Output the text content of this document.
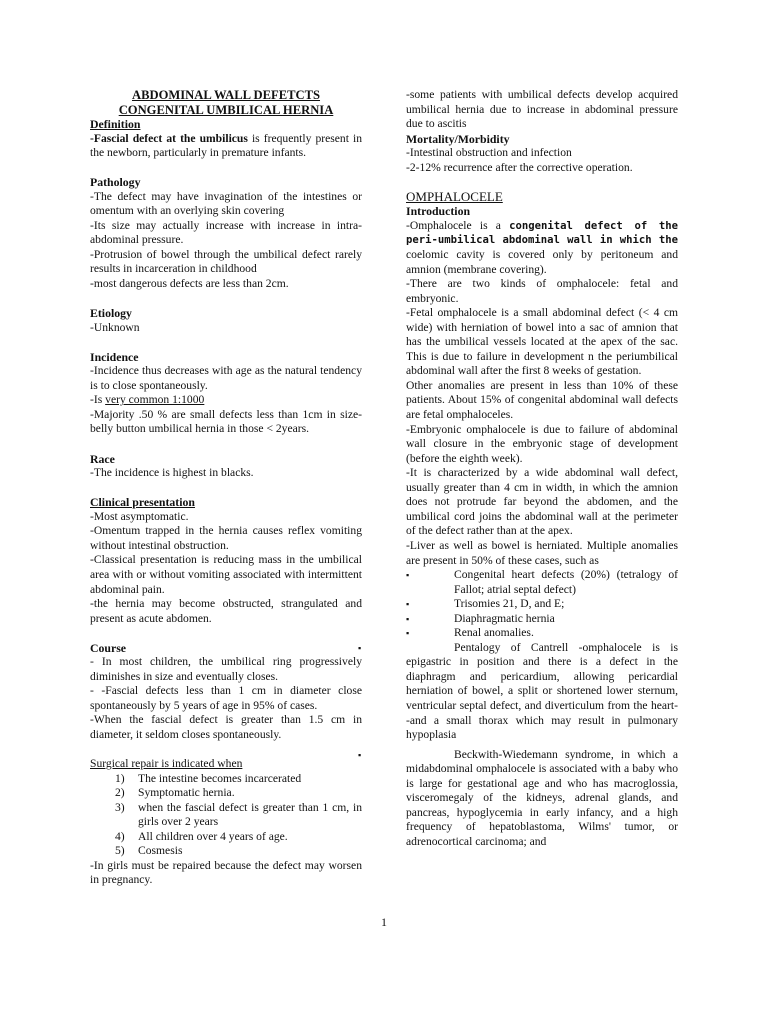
ABDOMINAL WALL DEFETCTS

CONGENITAL UMBILICAL HERNIA

Definition

-Fascial defect at the umbilicus is frequently present in the newborn, particularly in premature infants.

Pathology

-The defect may have invagination of the intestines or omentum with an overlying skin covering

-Its size may actually increase with increase in intra-abdominal pressure.

-Protrusion of bowel through the umbilical defect rarely results in incarceration in childhood

-most dangerous defects are less than 2cm.

Etiology

-Unknown

Incidence

-Incidence thus decreases with age as the natural tendency is to close spontaneously.

-Is very common 1:1000

-Majority .50 % are small defects less than 1cm in size-belly button umbilical hernia in those < 2years.

Race

-The incidence is highest in blacks.

Clinical presentation

-Most asymptomatic.

-Omentum trapped in the hernia causes reflex vomiting without intestinal obstruction.

-Classical presentation is reducing mass in the umbilical area with or without vomiting associated with intermittent abdominal pain.

-the hernia may become obstructed, strangulated and present as acute abdomen.

Course

- In most children, the umbilical ring progressively diminishes in size and eventually closes.

- -Fascial defects less than 1 cm in diameter close spontaneously by 5 years of age in 95% of cases.

-When the fascial defect is greater than 1.5 cm in diameter, it seldom closes spontaneously.

Surgical repair is indicated when

1) The intestine becomes incarcerated

2) Symptomatic hernia.

3) when the fascial defect is greater than 1 cm, in girls over 2 years

4) All children over 4 years of age.

5) Cosmesis

-In girls must be repaired because the defect may worsen in pregnancy.

-some patients with umbilical defects develop acquired umbilical hernia due to increase in abdominal pressure due to ascitis

Mortality/Morbidity

-Intestinal obstruction and infection

-2-12% recurrence after the corrective operation.

OMPHALOCELE

Introduction

-Omphalocele is a congenital defect of the peri-umbilical abdominal wall in which the coelomic cavity is covered only by peritoneum and amnion (membrane covering).

-There are two kinds of omphalocele: fetal and embryonic.

-Fetal omphalocele is a small abdominal defect (< 4 cm wide) with herniation of bowel into a sac of amnion that has the umbilical vessels located at the apex of the sac. This is due to failure in development n the periumbilical abdominal wall after the first 8 weeks of gestation.

Other anomalies are present in less than 10% of these patients. About 15% of congenital abdominal wall defects are fetal omphaloceles.

-Embryonic omphalocele is due to failure of abdominal wall closure in the embryonic stage of development (before the eighth week).

-It is characterized by a wide abdominal wall defect, usually greater than 4 cm in width, in which the amnion does not protrude far beyond the abdomen, and the umbilical cord joins the abdominal wall at the perimeter of the defect rather than at the apex.

-Liver as well as bowel is herniated. Multiple anomalies are present in 50% of these cases, such as

▪	Congenital heart defects (20%) (tetralogy of Fallot; atrial septal defect)

▪	Trisomies 21, D, and E;

▪	Diaphragmatic hernia

▪	Renal anomalies.

▪	Pentalogy of Cantrell -omphalocele is is epigastric in position and there is a defect in the diaphragm and pericardium, allowing pericardial herniation of bowel, a split or shortened lower sternum, ventricular septal defect, and diverticulum from the heart--and a small thorax which may result in pulmonary hypoplasia

▪	Beckwith-Wiedemann syndrome, in which a midabdominal omphalocele is associated with a baby who is large for gestational age and who has macroglossia, visceromegaly of the kidneys, adrenal glands, and pancreas, hypoglycemia in early infancy, and a high frequency of hepatoblastoma, Wilms' tumor, or adrenocortical carcinoma; and

1
